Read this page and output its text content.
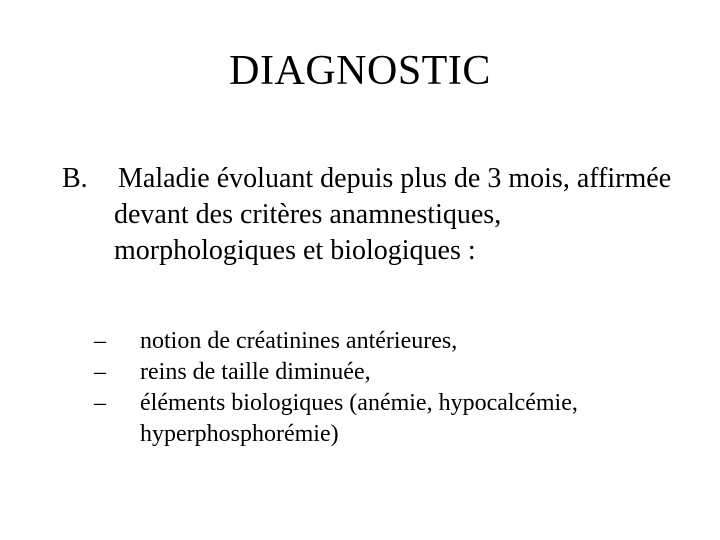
DIAGNOSTIC
B.	Maladie évoluant depuis plus de 3 mois, affirmée devant des critères anamnestiques, morphologiques et biologiques :
– notion de créatinines antérieures,
– reins de taille diminuée,
– éléments biologiques (anémie, hypocalcémie, hyperphosphorémie)
